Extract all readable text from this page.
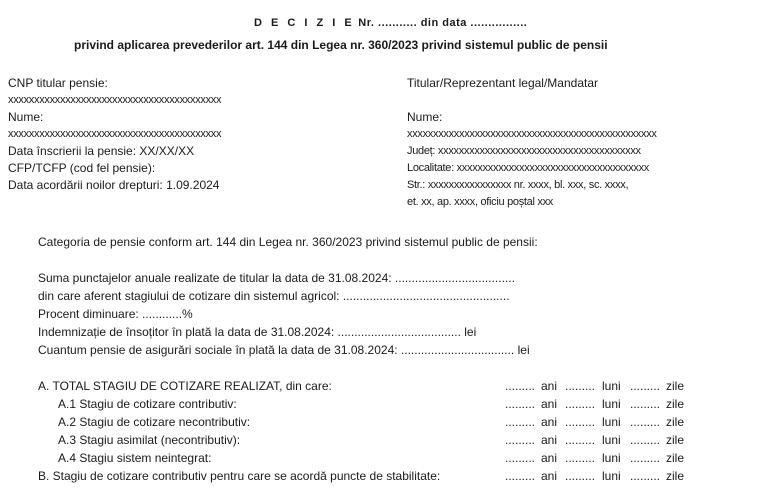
D E C I Z I E Nr. ........... din data ................
privind aplicarea prevederilor art. 144 din Legea nr. 360/2023 privind sistemul public de pensii
CNP titular pensie:
xxxxxxxxxxxxxxxxxxxxxxxxxxxxxxxxxxxxxxxxx
Nume:
xxxxxxxxxxxxxxxxxxxxxxxxxxxxxxxxxxxxxxxxx
Data înscrierii la pensie: XX/XX/XX
CFP/TCFP (cod fel pensie):
Data acordării noilor drepturi: 1.09.2024
Titular/Reprezentant legal/Mandatar
Nume:
xxxxxxxxxxxxxxxxxxxxxxxxxxxxxxxxxxxxxxxxxxxxxxxx
Județ: xxxxxxxxxxxxxxxxxxxxxxxxxxxxxxxxxxxxxxx
Localitate: xxxxxxxxxxxxxxxxxxxxxxxxxxxxxxxxxxxxx
Str.: xxxxxxxxxxxxxxxx nr. xxxx, bl. xxx, sc. xxxx,
et. xx, ap. xxxx, oficiu poștal xxx
Categoria de pensie conform art. 144 din Legea nr. 360/2023 privind sistemul public de pensii:
Suma punctajelor anuale realizate de titular la data de 31.08.2024: ....................................
din care aferent stagiului de cotizare din sistemul agricol: ..................................................
Procent diminuare: ............%
Indemnizație de însoțitor în plată la data de 31.08.2024: ..................................... lei
Cuantum pensie de asigurări sociale în plată la data de 31.08.2024: .................................. lei
A. TOTAL STAGIU DE COTIZARE REALIZAT, din care:	......... ani ......... luni ......... zile
A.1 Stagiu de cotizare contributiv:	......... ani ......... luni ......... zile
A.2 Stagiu de cotizare necontributiv:	......... ani ......... luni ......... zile
A.3 Stagiu asimilat (necontributiv):	......... ani ......... luni ......... zile
A.4 Stagiu sistem neintegrat:	......... ani ......... luni ......... zile
B. Stagiu de cotizare contributiv pentru care se acordă puncte de stabilitate:	......... ani ......... luni ......... zile
